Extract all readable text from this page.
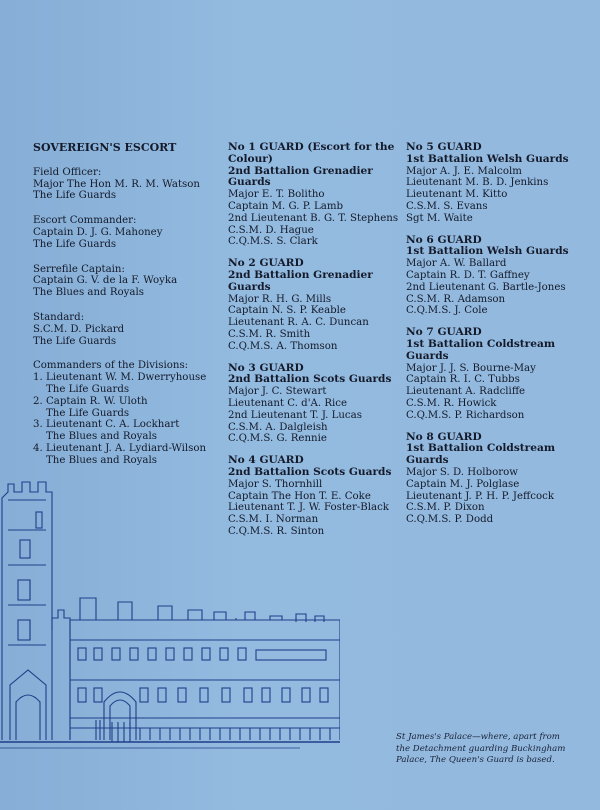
SOVEREIGN'S ESCORT
Field Officer:
Major The Hon M. R. M. Watson
The Life Guards
Escort Commander:
Captain D. J. G. Mahoney
The Life Guards
Serrefile Captain:
Captain G. V. de la F. Woyka
The Blues and Royals
Standard:
S.C.M. D. Pickard
The Life Guards
Commanders of the Divisions:
1. Lieutenant W. M. Dwerryhouse
The Life Guards
2. Captain R. W. Uloth
The Life Guards
3. Lieutenant C. A. Lockhart
The Blues and Royals
4. Lieutenant J. A. Lydiard-Wilson
The Blues and Royals
No 1 GUARD (Escort for the Colour)
2nd Battalion Grenadier Guards
Major E. T. Bolitho
Captain M. G. P. Lamb
2nd Lieutenant B. G. T. Stephens
C.S.M. D. Hague
C.Q.M.S. S. Clark
No 2 GUARD
2nd Battalion Grenadier Guards
Major R. H. G. Mills
Captain N. S. P. Keable
Lieutenant R. A. C. Duncan
C.S.M. R. Smith
C.Q.M.S. A. Thomson
No 3 GUARD
2nd Battalion Scots Guards
Major J. C. Stewart
Lieutenant C. d'A. Rice
2nd Lieutenant T. J. Lucas
C.S.M. A. Dalgleish
C.Q.M.S. G. Rennie
No 4 GUARD
2nd Battalion Scots Guards
Major S. Thornhill
Captain The Hon T. E. Coke
Lieutenant T. J. W. Foster-Black
C.S.M. I. Norman
C.Q.M.S. R. Sinton
No 5 GUARD
1st Battalion Welsh Guards
Major A. J. E. Malcolm
Lieutenant M. B. D. Jenkins
Lieutenant M. Kitto
C.S.M. S. Evans
Sgt M. Waite
No 6 GUARD
1st Battalion Welsh Guards
Major A. W. Ballard
Captain R. D. T. Gaffney
2nd Lieutenant G. Bartle-Jones
C.S.M. R. Adamson
C.Q.M.S. J. Cole
No 7 GUARD
1st Battalion Coldstream Guards
Major J. J. S. Bourne-May
Captain R. I. C. Tubbs
Lieutenant A. Radcliffe
C.S.M. R. Howick
C.Q.M.S. P. Richardson
No 8 GUARD
1st Battalion Coldstream Guards
Major S. D. Holborow
Captain M. J. Polglase
Lieutenant J. P. H. P. Jeffcock
C.S.M. P. Dixon
C.Q.M.S. P. Dodd
St James's Palace—where, apart from the Detachment guarding Buckingham Palace, The Queen's Guard is based.
